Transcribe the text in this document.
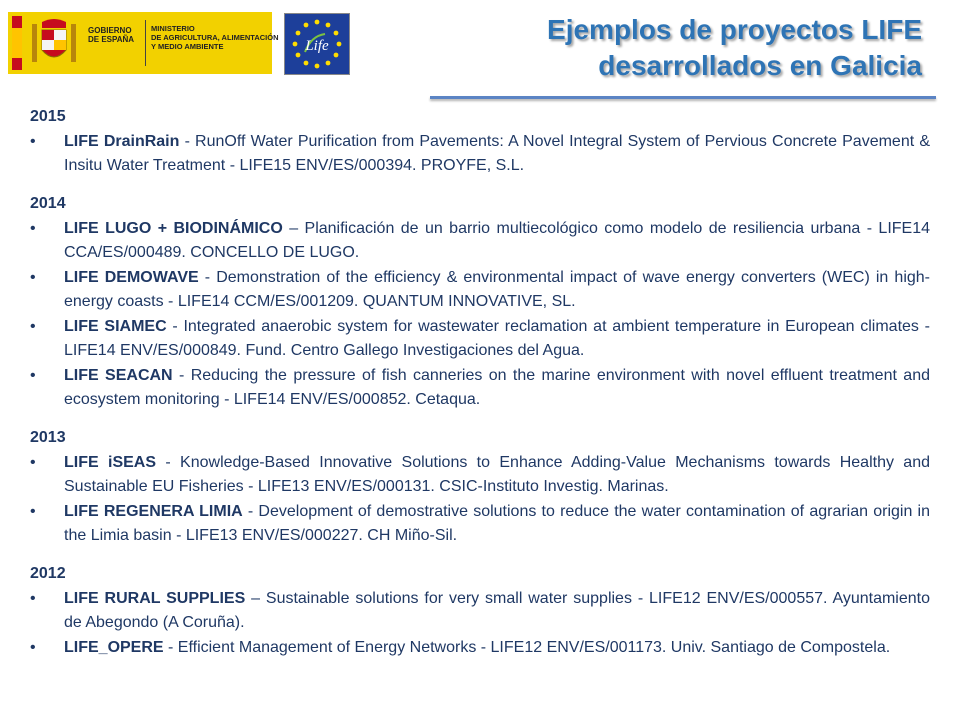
GOBIERNO
DE ESPAÑA
MINISTERIO
DE AGRICULTURA, ALIMENTACIÓN
Y MEDIO AMBIENTE	Life
Ejemplos de proyectos LIFE
desarrollados en Galicia
2015
• LIFE DrainRain - RunOff Water Purification from Pavements: A Novel Integral System of Pervious Concrete Pavement & Insitu Water Treatment - LIFE15 ENV/ES/000394. PROYFE, S.L.
2014
• LIFE LUGO + BIODINÁMICO – Planificación de un barrio multiecológico como modelo de resiliencia urbana - LIFE14 CCA/ES/000489. CONCELLO DE LUGO.
• LIFE DEMOWAVE - Demonstration of the efficiency & environmental impact of wave energy converters (WEC) in high-energy coasts - LIFE14 CCM/ES/001209. QUANTUM INNOVATIVE, SL.
• LIFE SIAMEC - Integrated anaerobic system for wastewater reclamation at ambient temperature in European climates - LIFE14 ENV/ES/000849. Fund. Centro Gallego Investigaciones del Agua.
• LIFE SEACAN - Reducing the pressure of fish canneries on the marine environment with novel effluent treatment and ecosystem monitoring - LIFE14 ENV/ES/000852. Cetaqua.
2013
• LIFE iSEAS - Knowledge-Based Innovative Solutions to Enhance Adding-Value Mechanisms towards Healthy and Sustainable EU Fisheries - LIFE13 ENV/ES/000131. CSIC-Instituto Investig. Marinas.
• LIFE REGENERA LIMIA - Development of demostrative solutions to reduce the water contamination of agrarian origin in the Limia basin - LIFE13 ENV/ES/000227. CH Miño-Sil.
2012
• LIFE RURAL SUPPLIES – Sustainable solutions for very small water supplies - LIFE12 ENV/ES/000557. Ayuntamiento de Abegondo (A Coruña).
• LIFE_OPERE - Efficient Management of Energy Networks - LIFE12 ENV/ES/001173. Univ. Santiago de Compostela.
